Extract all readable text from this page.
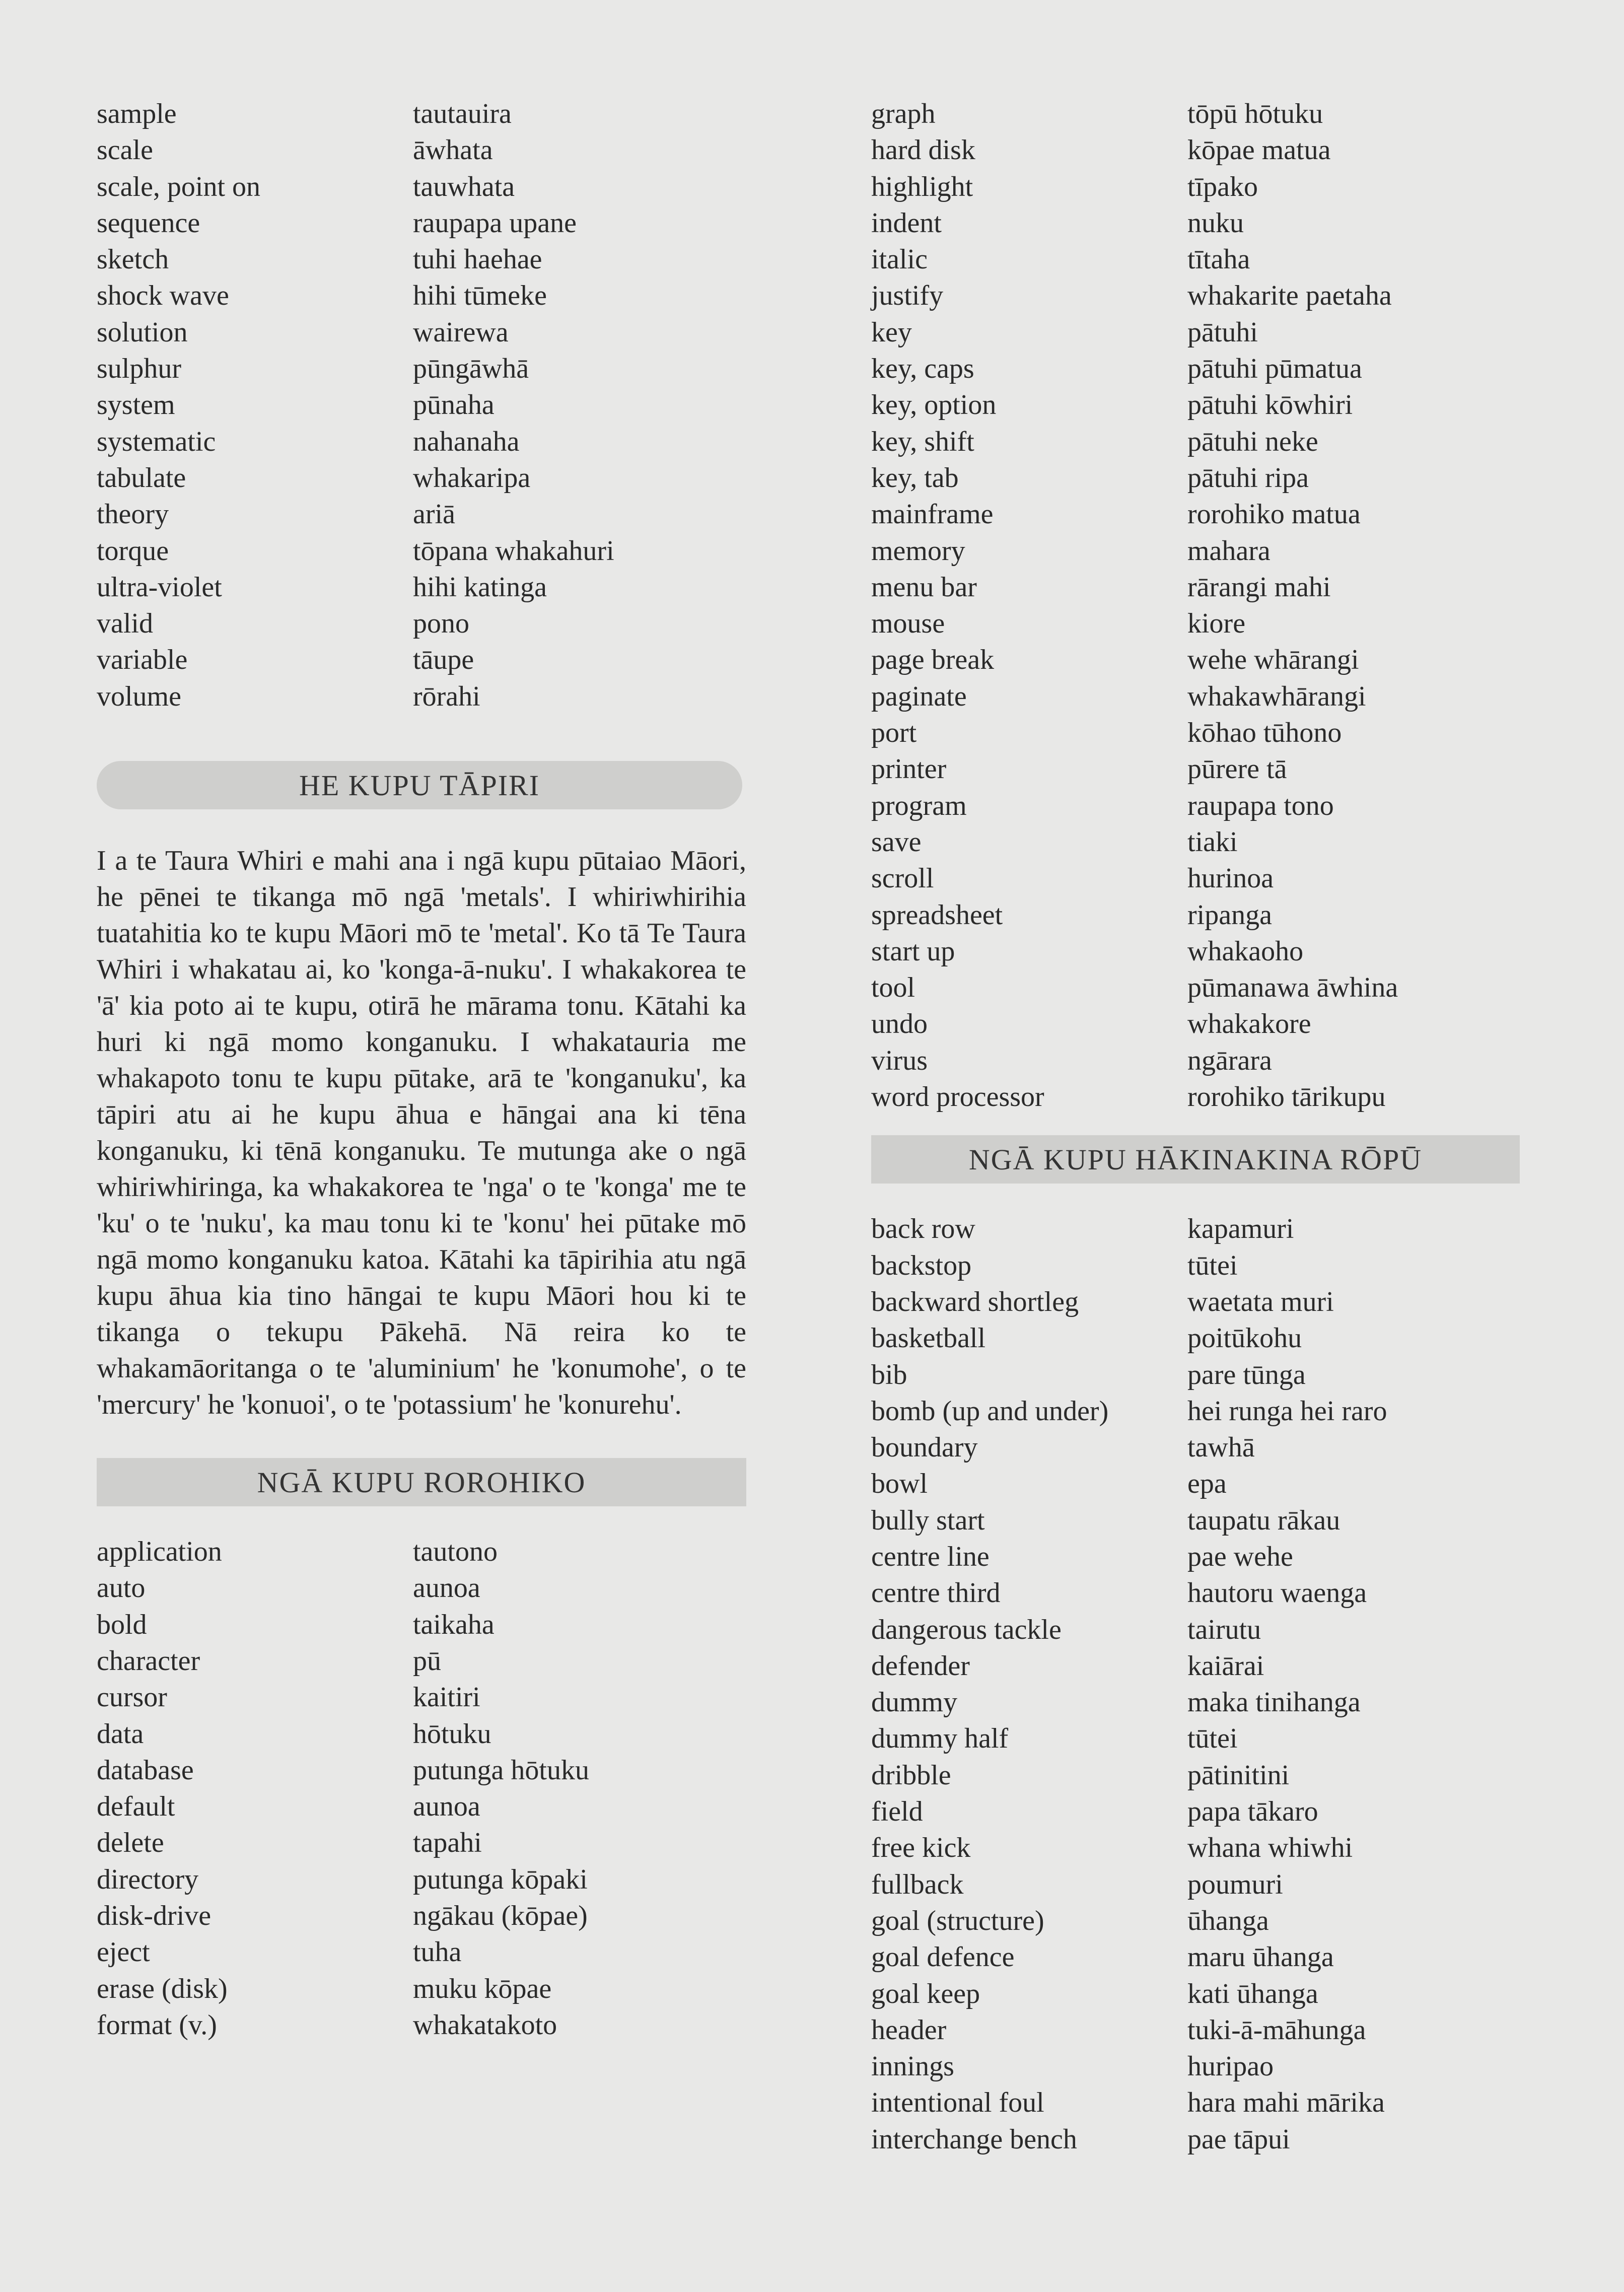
sample	tautauira
scale	āwhata
scale, point on	tauwhata
sequence	raupapa upane
sketch	tuhi haehae
shock wave	hihi tūmeke
solution	wairewa
sulphur	pūngāwhā
system	pūnaha
systematic	nahanaha
tabulate	whakaripa
theory	ariā
torque	tōpana whakahuri
ultra-violet	hihi katinga
valid	pono
variable	tāupe
volume	rōrahi
HE KUPU TĀPIRI

I a te Taura Whiri e mahi ana i ngā kupu pūtaiao Māori, he pēnei te tikanga mō ngā 'metals'. I whiriwhirihia tuatahitia ko te kupu Māori mō te 'metal'. Ko tā Te Taura Whiri i whakatau ai, ko 'konga-ā-nuku'. I whakakorea te 'ā' kia poto ai te kupu, otirā he mārama tonu. Kātahi ka huri ki ngā momo konganuku. I whakatauria me whakapoto tonu te kupu pūtake, arā te 'konganuku', ka tāpiri atu ai he kupu āhua e hāngai ana ki tēna konganuku, ki tēnā konganuku. Te mutunga ake o ngā whiriwhiringa, ka whakakorea te 'nga' o te 'konga' me te 'ku' o te 'nuku', ka mau tonu ki te 'konu' hei pūtake mō ngā momo konganuku katoa. Kātahi ka tāpirihia atu ngā kupu āhua kia tino hāngai te kupu Māori hou ki te tikanga o tekupu Pākehā. Nā reira ko te whakamāoritanga o te 'aluminium' he 'konumohe', o te 'mercury' he 'konuoi', o te 'potassium' he 'konurehu'.

NGĀ KUPU ROROHIKO
application	tautono
auto	aunoa
bold	taikaha
character	pū
cursor	kaitiri
data	hōtuku
database	putunga hōtuku
default	aunoa
delete	tapahi
directory	putunga kōpaki
disk-drive	ngākau (kōpae)
eject	tuha
erase (disk)	muku kōpae
format (v.)	whakatakoto
graph	tōpū hōtuku
hard disk	kōpae matua
highlight	tīpako
indent	nuku
italic	tītaha
justify	whakarite paetaha
key	pātuhi
key, caps	pātuhi pūmatua
key, option	pātuhi kōwhiri
key, shift	pātuhi neke
key, tab	pātuhi ripa
mainframe	rorohiko matua
memory	mahara
menu bar	rārangi mahi
mouse	kiore
page break	wehe whārangi
paginate	whakawhārangi
port	kōhao tūhono
printer	pūrere tā
program	raupapa tono
save	tiaki
scroll	hurinoa
spreadsheet	ripanga
start up	whakaoho
tool	pūmanawa āwhina
undo	whakakore
virus	ngārara
word processor	rorohiko tārikupu
NGĀ KUPU HĀKINAKINA RŌPŪ
back row	kapamuri
backstop	tūtei
backward shortleg	waetata muri
basketball	poitūkohu
bib	pare tūnga
bomb (up and under)	hei runga hei raro
boundary	tawhā
bowl	epa
bully start	taupatu rākau
centre line	pae wehe
centre third	hautoru waenga
dangerous tackle	tairutu
defender	kaiārai
dummy	maka tinihanga
dummy half	tūtei
dribble	pātinitini
field	papa tākaro
free kick	whana whiwhi
fullback	poumuri
goal (structure)	ūhanga
goal defence	maru ūhanga
goal keep	kati ūhanga
header	tuki-ā-māhunga
innings	huripao
intentional foul	hara mahi mārika
interchange bench	pae tāpui
